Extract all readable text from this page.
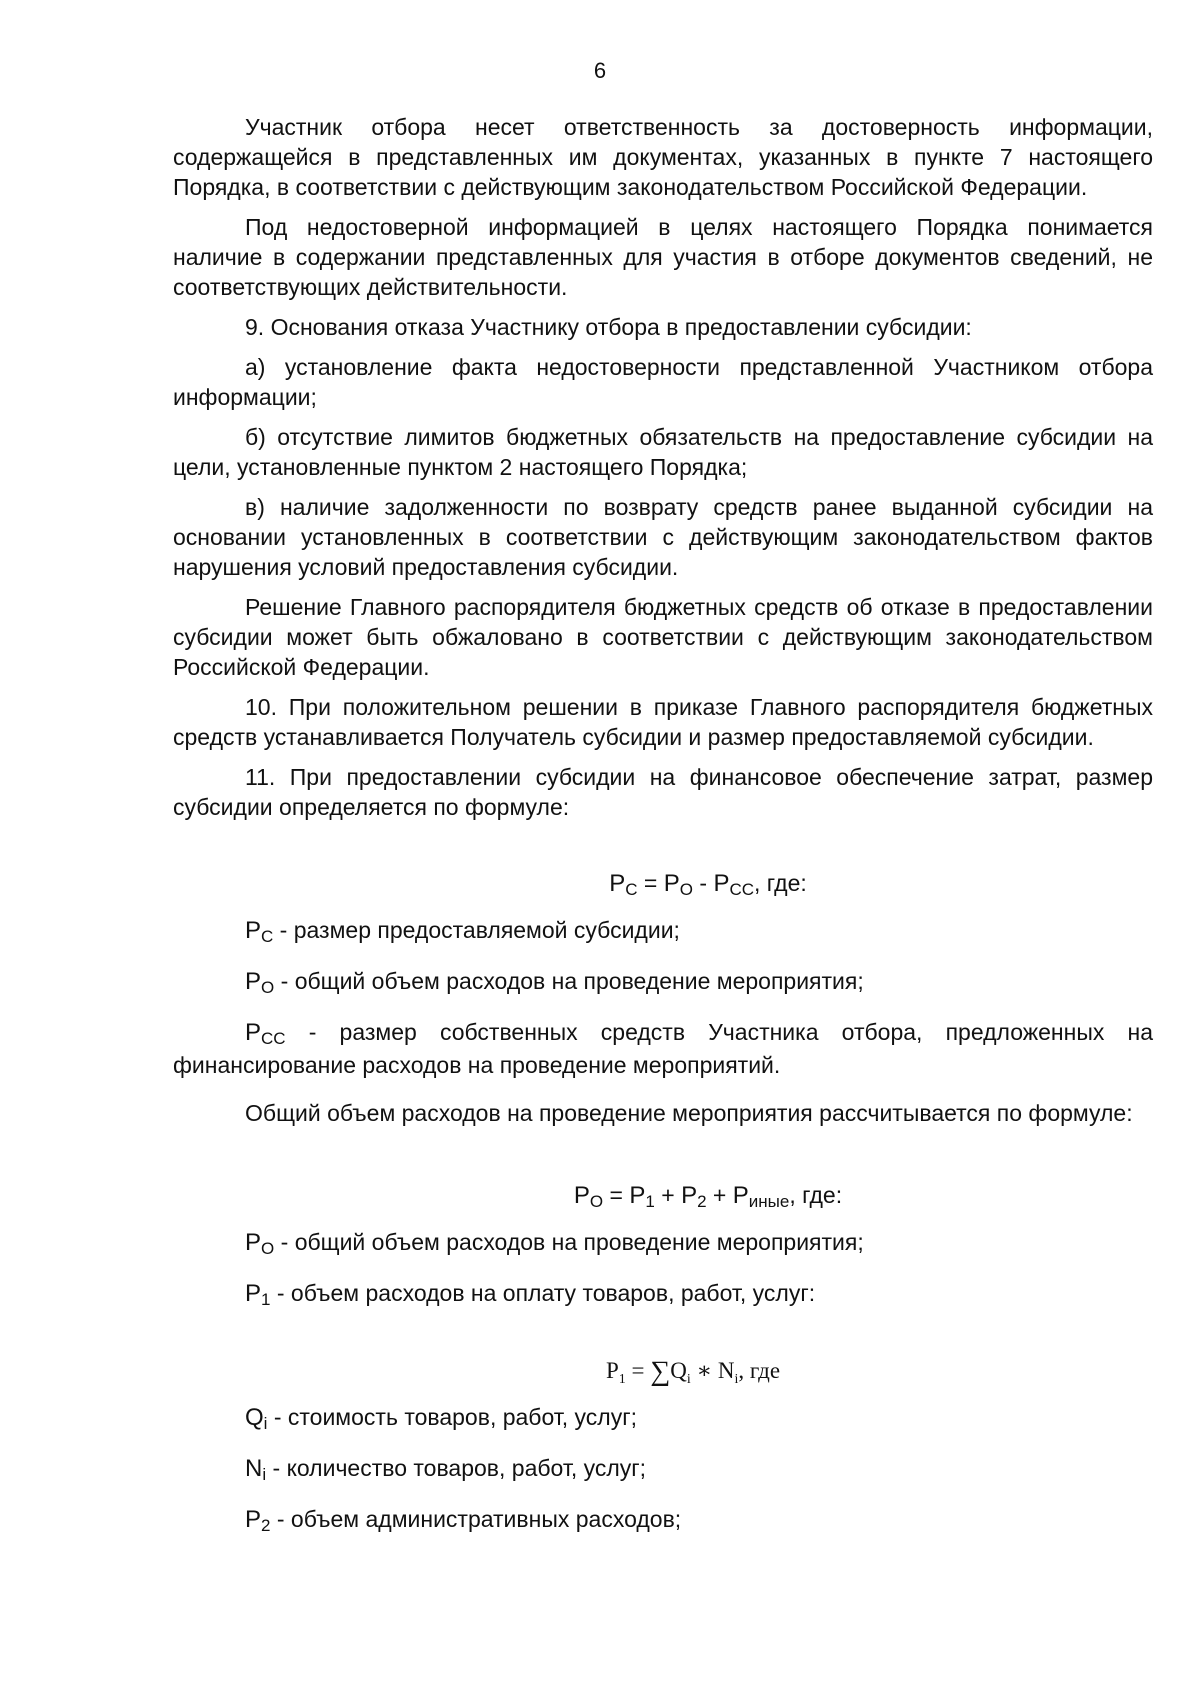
6

Участник отбора несет ответственность за достоверность информации, содержащейся в представленных им документах, указанных в пункте 7 настоящего Порядка, в соответствии с действующим законодательством Российской Федерации.

Под недостоверной информацией в целях настоящего Порядка понимается наличие в содержании представленных для участия в отборе документов сведений, не соответствующих действительности.

9. Основания отказа Участнику отбора в предоставлении субсидии:

а) установление факта недостоверности представленной Участником отбора информации;

б) отсутствие лимитов бюджетных обязательств на предоставление субсидии на цели, установленные пунктом 2 настоящего Порядка;

в) наличие задолженности по возврату средств ранее выданной субсидии на основании установленных в соответствии с действующим законодательством фактов нарушения условий предоставления субсидии.

Решение Главного распорядителя бюджетных средств об отказе в предоставлении субсидии может быть обжаловано в соответствии с действующим законодательством Российской Федерации.

10. При положительном решении в приказе Главного распорядителя бюджетных средств устанавливается Получатель субсидии и размер предоставляемой субсидии.

11. При предоставлении субсидии на финансовое обеспечение затрат, размер субсидии определяется по формуле:

PC = PO - PCC, где:

PC - размер предоставляемой субсидии;

PO - общий объем расходов на проведение мероприятия;

PCC - размер собственных средств Участника отбора, предложенных на финансирование расходов на проведение мероприятий.

Общий объем расходов на проведение мероприятия рассчитывается по формуле:

PO = P1 + P2 + Pиные, где:

PO - общий объем расходов на проведение мероприятия;

P1 - объем расходов на оплату товаров, работ, услуг:

$P_1 = \sum Q_i$ ∗ $N_i$, где

Qi - стоимость товаров, работ, услуг;

Ni - количество товаров, работ, услуг;

P2 - объем административных расходов;
